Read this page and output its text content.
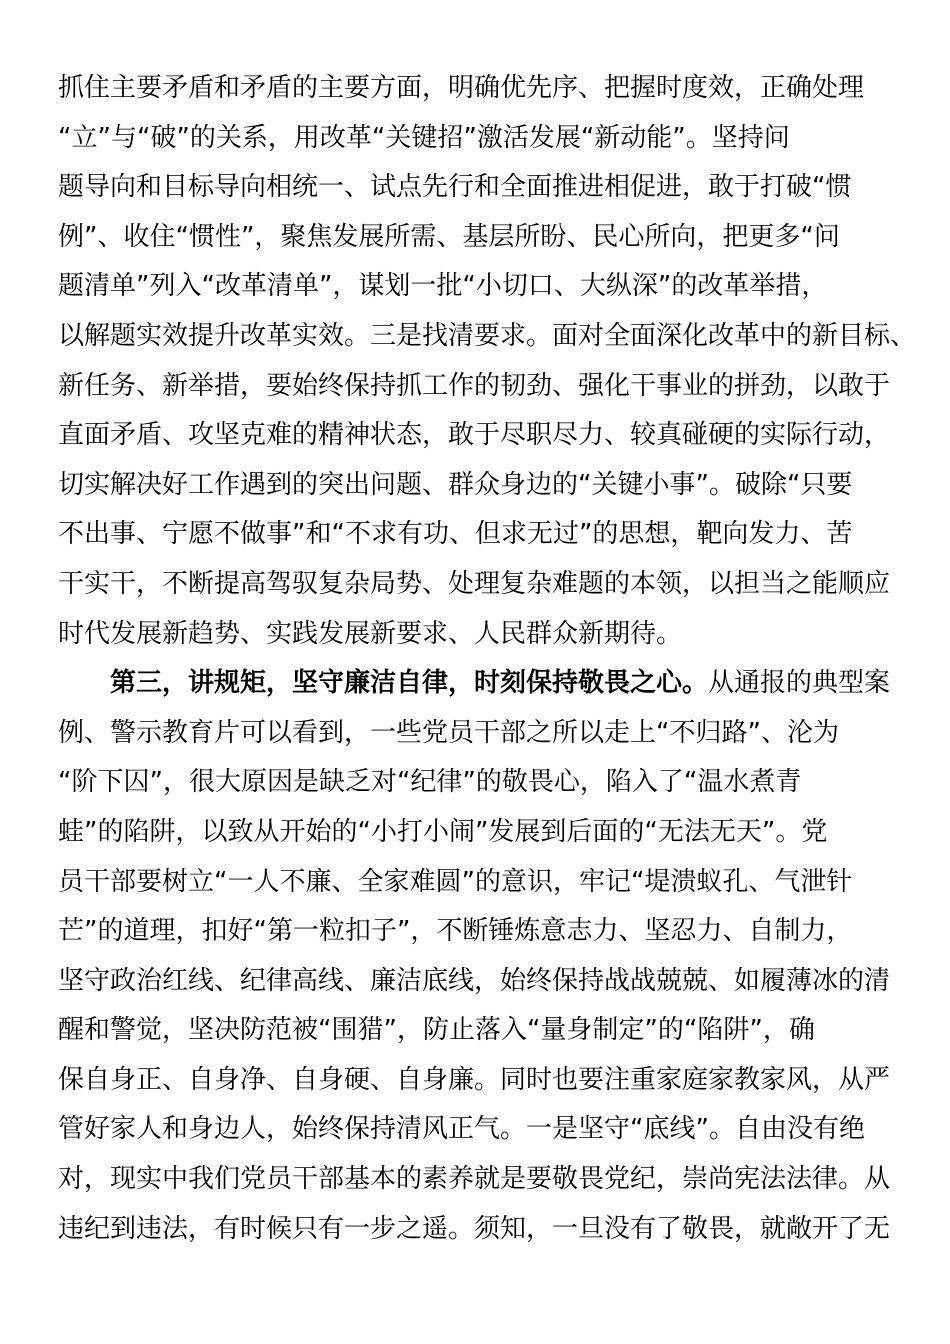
抓住主要矛盾和矛盾的主要方面，明确优先序、把握时度效，正确处理
“立”与“破”的关系，用改革“关键招”激活发展“新动能”。坚持问
题导向和目标导向相统一、试点先行和全面推进相促进，敢于打破“惯
例”、收住“惯性”，聚焦发展所需、基层所盼、民心所向，把更多“问
题清单”列入“改革清单”，谋划一批“小切口、大纵深”的改革举措，
以解题实效提升改革实效。三是找清要求。面对全面深化改革中的新目标、
新任务、新举措，要始终保持抓工作的韧劲、强化干事业的拼劲，以敢于
直面矛盾、攻坚克难的精神状态，敢于尽职尽力、较真碰硬的实际行动，
切实解决好工作遇到的突出问题、群众身边的“关键小事”。破除“只要
不出事、宁愿不做事”和“不求有功、但求无过”的思想，靶向发力、苦
干实干，不断提高驾驭复杂局势、处理复杂难题的本领，以担当之能顺应
时代发展新趋势、实践发展新要求、人民群众新期待。
第三，讲规矩，坚守廉洁自律，时刻保持敬畏之心。从通报的典型案
例、警示教育片可以看到，一些党员干部之所以走上“不归路”、沦为
“阶下囚”，很大原因是缺乏对“纪律”的敬畏心，陷入了“温水煮青
蛙”的陷阱，以致从开始的“小打小闹”发展到后面的“无法无天”。党
员干部要树立“一人不廉、全家难圆”的意识，牢记“堤溃蚁孔、气泄针
芒”的道理，扣好“第一粒扣子”，不断锤炼意志力、坚忍力、自制力，
坚守政治红线、纪律高线、廉洁底线，始终保持战战兢兢、如履薄冰的清
醒和警觉，坚决防范被“围猎”，防止落入“量身制定”的“陷阱”，确
保自身正、自身净、自身硬、自身廉。同时也要注重家庭家教家风，从严
管好家人和身边人，始终保持清风正气。一是坚守“底线”。自由没有绝
对，现实中我们党员干部基本的素养就是要敬畏党纪，崇尚宪法法律。从
违纪到违法，有时候只有一步之遥。须知，一旦没有了敬畏，就敞开了无
